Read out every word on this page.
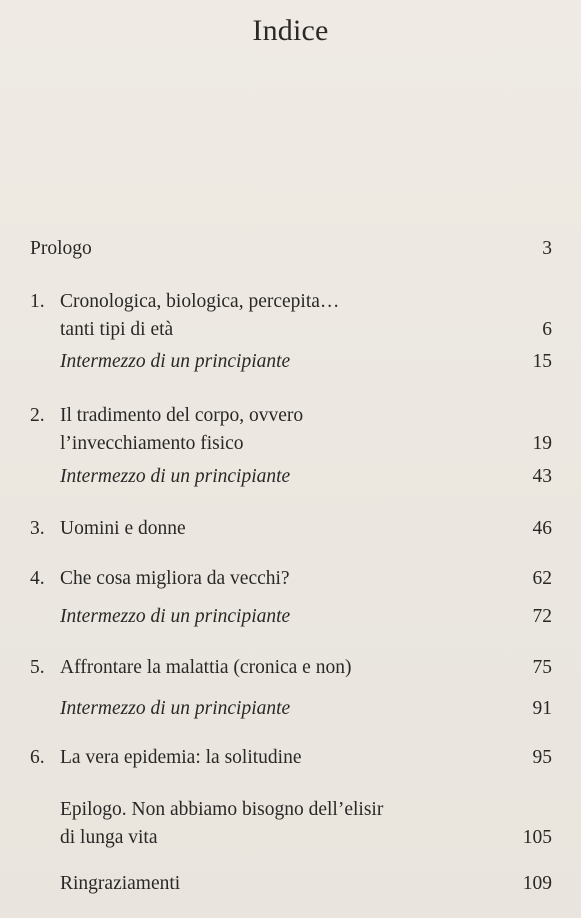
Indice
Prologo	3
1. Cronologica, biologica, percepita…
tanti tipi di età	6
Intermezzo di un principiante	15
2. Il tradimento del corpo, ovvero
l’invecchiamento fisico	19
Intermezzo di un principiante	43
3. Uomini e donne	46
4. Che cosa migliora da vecchi?	62
Intermezzo di un principiante	72
5. Affrontare la malattia (cronica e non)	75
Intermezzo di un principiante	91
6. La vera epidemia: la solitudine	95
Epilogo. Non abbiamo bisogno dell’elisir
di lunga vita	105
Ringraziamenti	109
